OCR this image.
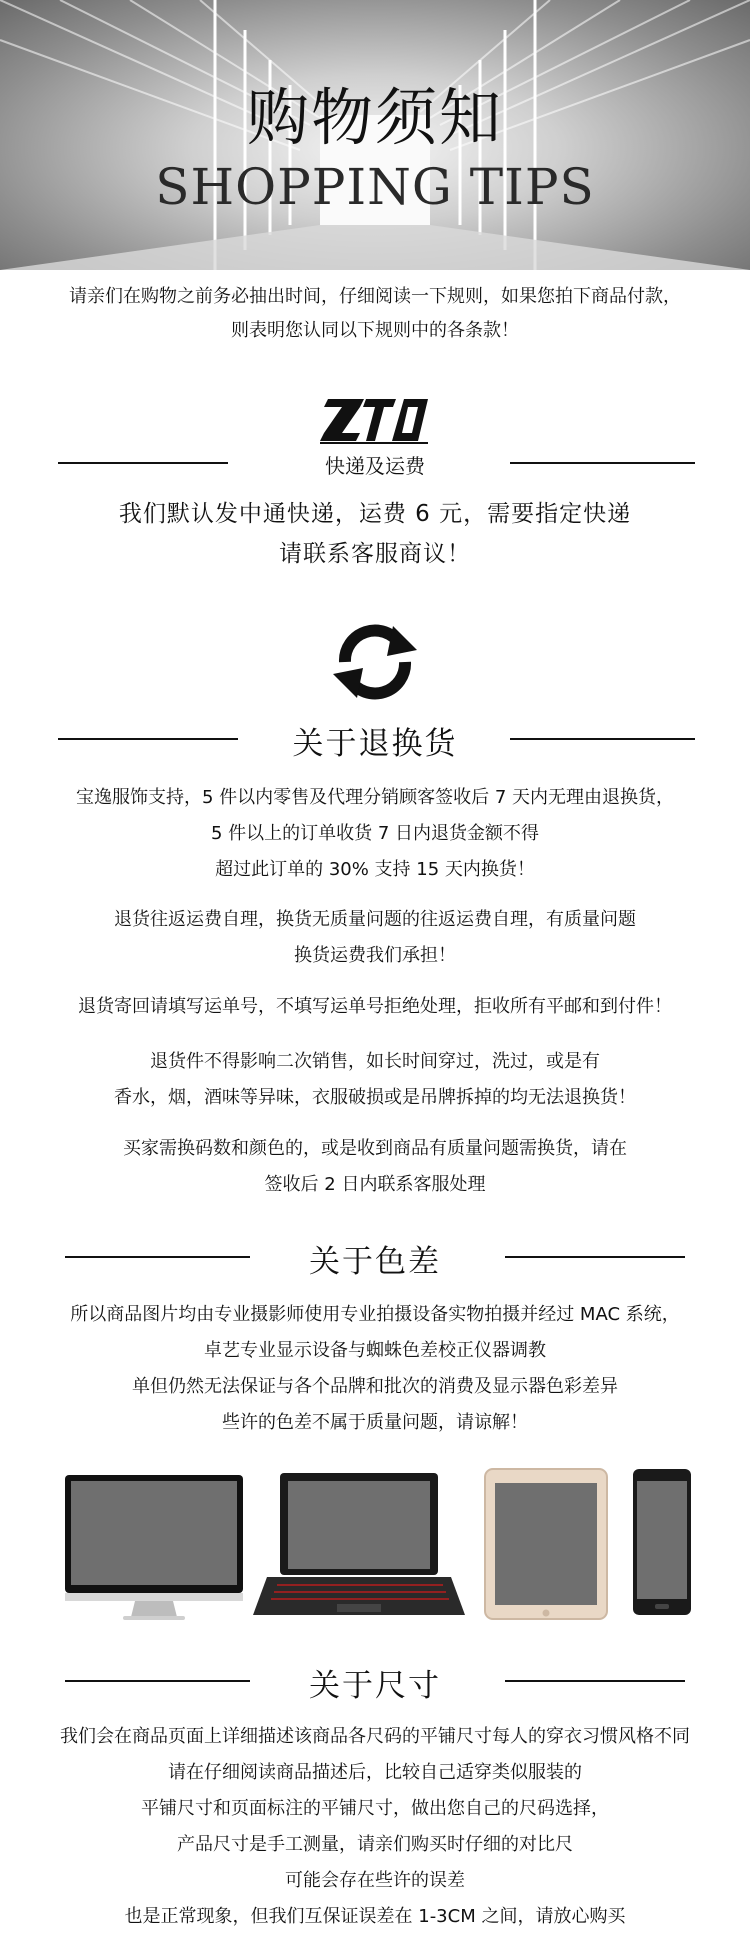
购物须知
SHOPPING TIPS
请亲们在购物之前务必抽出时间，仔细阅读一下规则，如果您拍下商品付款，
则表明您认同以下规则中的各条款！
快递及运费
我们默认发中通快递，运费 6 元，需要指定快递
请联系客服商议！
关于退换货
宝逸服饰支持，5 件以内零售及代理分销顾客签收后 7 天内无理由退换货，
5 件以上的订单收货 7 日内退货金额不得
超过此订单的 30% 支持 15 天内换货！
退货往返运费自理，换货无质量问题的往返运费自理，有质量问题
换货运费我们承担！
退货寄回请填写运单号，不填写运单号拒绝处理，拒收所有平邮和到付件！
退货件不得影响二次销售，如长时间穿过，洗过，或是有
香水，烟，酒味等异味，衣服破损或是吊牌拆掉的均无法退换货！
买家需换码数和颜色的，或是收到商品有质量问题需换货，请在
签收后 2 日内联系客服处理
关于色差
所以商品图片均由专业摄影师使用专业拍摄设备实物拍摄并经过 MAC 系统，
卓艺专业显示设备与蜘蛛色差校正仪器调教
单但仍然无法保证与各个品牌和批次的消费及显示器色彩差异
些许的色差不属于质量问题，请谅解！
关于尺寸
我们会在商品页面上详细描述该商品各尺码的平铺尺寸每人的穿衣习惯风格不同
请在仔细阅读商品描述后，比较自己适穿类似服装的
平铺尺寸和页面标注的平铺尺寸，做出您自己的尺码选择，
产品尺寸是手工测量，请亲们购买时仔细的对比尺
可能会存在些许的误差
也是正常现象，但我们互保证误差在 1-3CM 之间，请放心购买
